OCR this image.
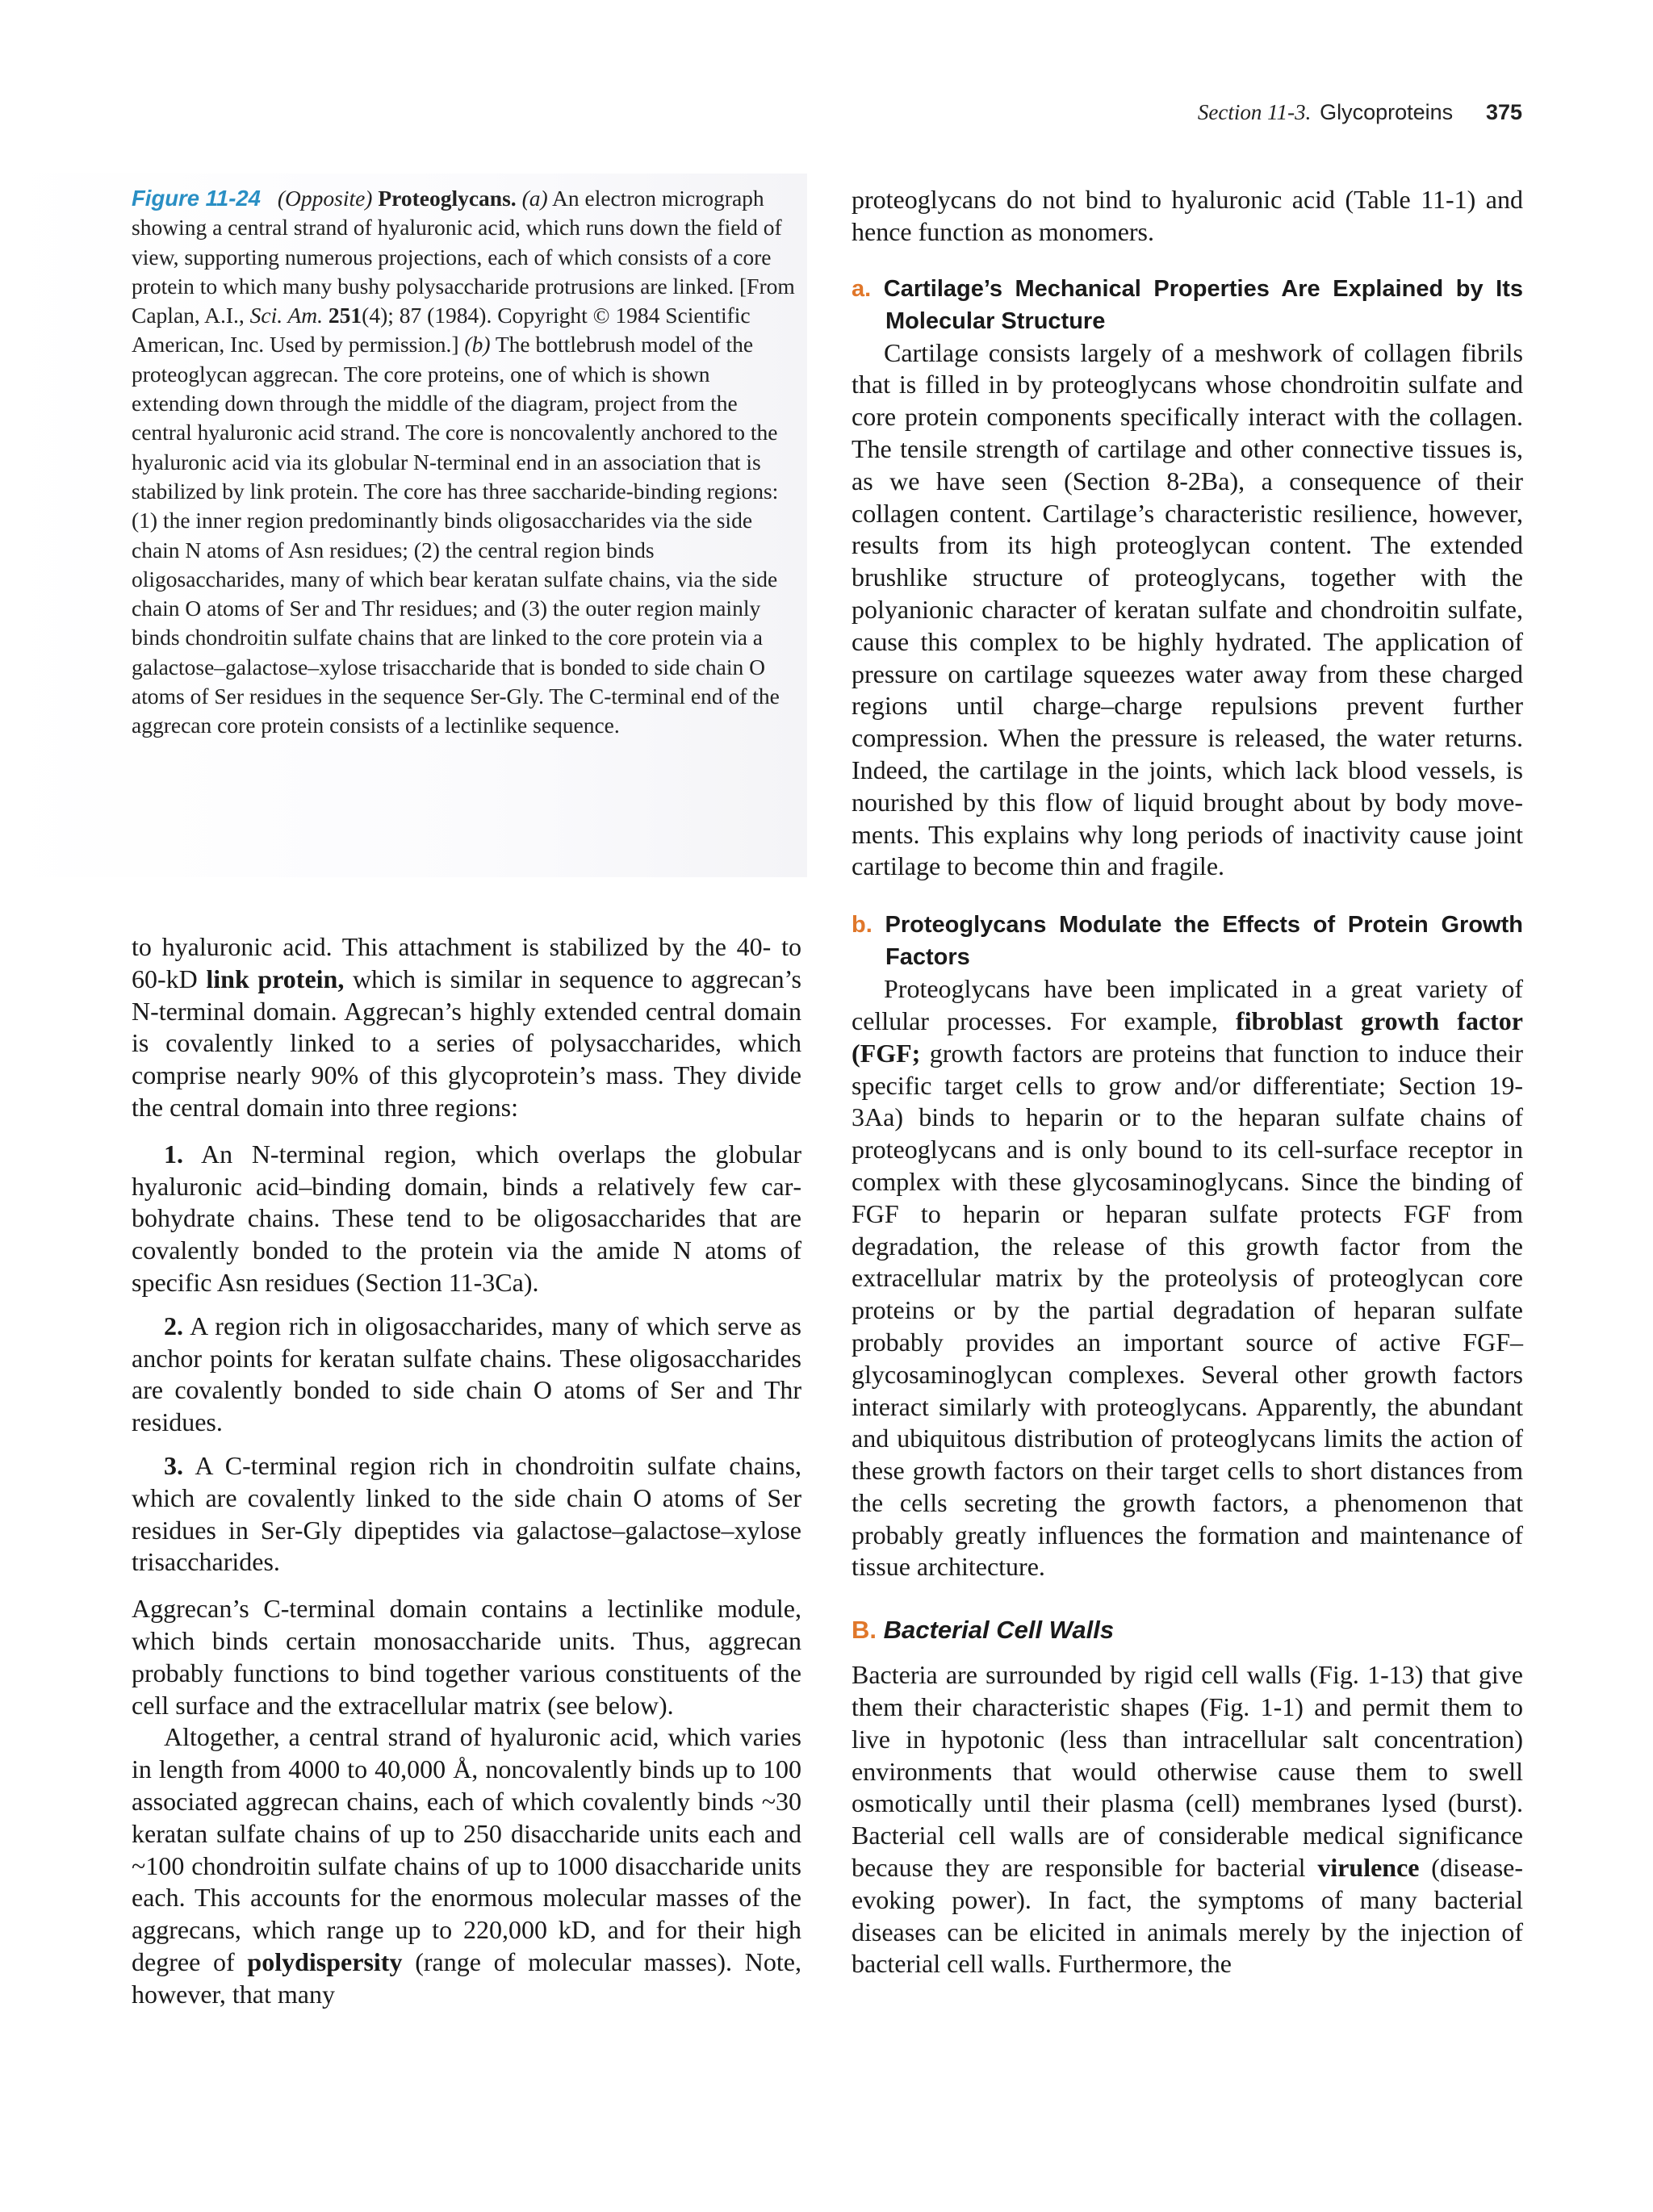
Section 11-3. Glycoproteins 375
Figure 11-24 (Opposite) Proteoglycans. (a) An electron micrograph showing a central strand of hyaluronic acid, which runs down the field of view, supporting numerous projections, each of which consists of a core protein to which many bushy polysaccharide protrusions are linked. [From Caplan, A.I., Sci. Am. 251(4); 87 (1984). Copyright © 1984 Scientific American, Inc. Used by permission.] (b) The bottlebrush model of the proteoglycan aggrecan. The core proteins, one of which is shown extending down through the middle of the diagram, project from the central hyaluronic acid strand. The core is noncovalently anchored to the hyaluronic acid via its globular N-terminal end in an association that is stabilized by link protein. The core has three saccharide-binding regions: (1) the inner region predominantly binds oligosaccharides via the side chain N atoms of Asn residues; (2) the central region binds oligosaccharides, many of which bear keratan sulfate chains, via the side chain O atoms of Ser and Thr residues; and (3) the outer region mainly binds chondroitin sulfate chains that are linked to the core protein via a galactose–galactose–xylose trisaccharide that is bonded to side chain O atoms of Ser residues in the sequence Ser-Gly. The C-terminal end of the aggrecan core protein consists of a lectinlike sequence.

to hyaluronic acid. This attachment is stabilized by the 40- to 60-kD link protein, which is similar in sequence to aggrecan’s N-terminal domain. Aggrecan’s highly extended central domain is covalently linked to a series of polysaccharides, which comprise nearly 90% of this glycoprotein’s mass. They divide the central domain into three regions:

1. An N-terminal region, which overlaps the globular hyaluronic acid–binding domain, binds a relatively few carbohydrate chains. These tend to be oligosaccharides that are covalently bonded to the protein via the amide N atoms of specific Asn residues (Section 11-3Ca).

2. A region rich in oligosaccharides, many of which serve as anchor points for keratan sulfate chains. These oligosaccharides are covalently bonded to side chain O atoms of Ser and Thr residues.

3. A C-terminal region rich in chondroitin sulfate chains, which are covalently linked to the side chain O atoms of Ser residues in Ser-Gly dipeptides via galactose–galactose–xylose trisaccharides.

Aggrecan’s C-terminal domain contains a lectinlike module, which binds certain monosaccharide units. Thus, aggrecan probably functions to bind together various constituents of the cell surface and the extracellular matrix (see below).

Altogether, a central strand of hyaluronic acid, which varies in length from 4000 to 40,000 Å, noncovalently binds up to 100 associated aggrecan chains, each of which covalently binds ~30 keratan sulfate chains of up to 250 disaccharide units each and ~100 chondroitin sulfate chains of up to 1000 disaccharide units each. This accounts for the enormous molecular masses of the aggrecans, which range up to 220,000 kD, and for their high degree of polydispersity (range of molecular masses). Note, however, that many

proteoglycans do not bind to hyaluronic acid (Table 11-1) and hence function as monomers.

a. Cartilage’s Mechanical Properties Are Explained by Its Molecular Structure

Cartilage consists largely of a meshwork of collagen fibrils that is filled in by proteoglycans whose chondroitin sulfate and core protein components specifically interact with the collagen. The tensile strength of cartilage and other connective tissues is, as we have seen (Section 8-2Ba), a consequence of their collagen content. Cartilage’s characteristic resilience, however, results from its high proteoglycan content. The extended brushlike structure of proteoglycans, together with the polyanionic character of keratan sulfate and chondroitin sulfate, cause this complex to be highly hydrated. The application of pressure on cartilage squeezes water away from these charged regions until charge–charge repulsions prevent further compression. When the pressure is released, the water returns. Indeed, the cartilage in the joints, which lack blood vessels, is nourished by this flow of liquid brought about by body movements. This explains why long periods of inactivity cause joint cartilage to become thin and fragile.

b. Proteoglycans Modulate the Effects of Protein Growth Factors

Proteoglycans have been implicated in a great variety of cellular processes. For example, fibroblast growth factor (FGF; growth factors are proteins that function to induce their specific target cells to grow and/or differentiate; Section 19-3Aa) binds to heparin or to the heparan sulfate chains of proteoglycans and is only bound to its cell-surface receptor in complex with these glycosaminoglycans. Since the binding of FGF to heparin or heparan sulfate protects FGF from degradation, the release of this growth factor from the extracellular matrix by the proteolysis of proteoglycan core proteins or by the partial degradation of heparan sulfate probably provides an important source of active FGF–glycosaminoglycan complexes. Several other growth factors interact similarly with proteoglycans. Apparently, the abundant and ubiquitous distribution of proteoglycans limits the action of these growth factors on their target cells to short distances from the cells secreting the growth factors, a phenomenon that probably greatly influences the formation and maintenance of tissue architecture.

B. Bacterial Cell Walls

Bacteria are surrounded by rigid cell walls (Fig. 1-13) that give them their characteristic shapes (Fig. 1-1) and permit them to live in hypotonic (less than intracellular salt concentration) environments that would otherwise cause them to swell osmotically until their plasma (cell) membranes lysed (burst). Bacterial cell walls are of considerable medical significance because they are responsible for bacterial virulence (disease-evoking power). In fact, the symptoms of many bacterial diseases can be elicited in animals merely by the injection of bacterial cell walls. Furthermore, the
